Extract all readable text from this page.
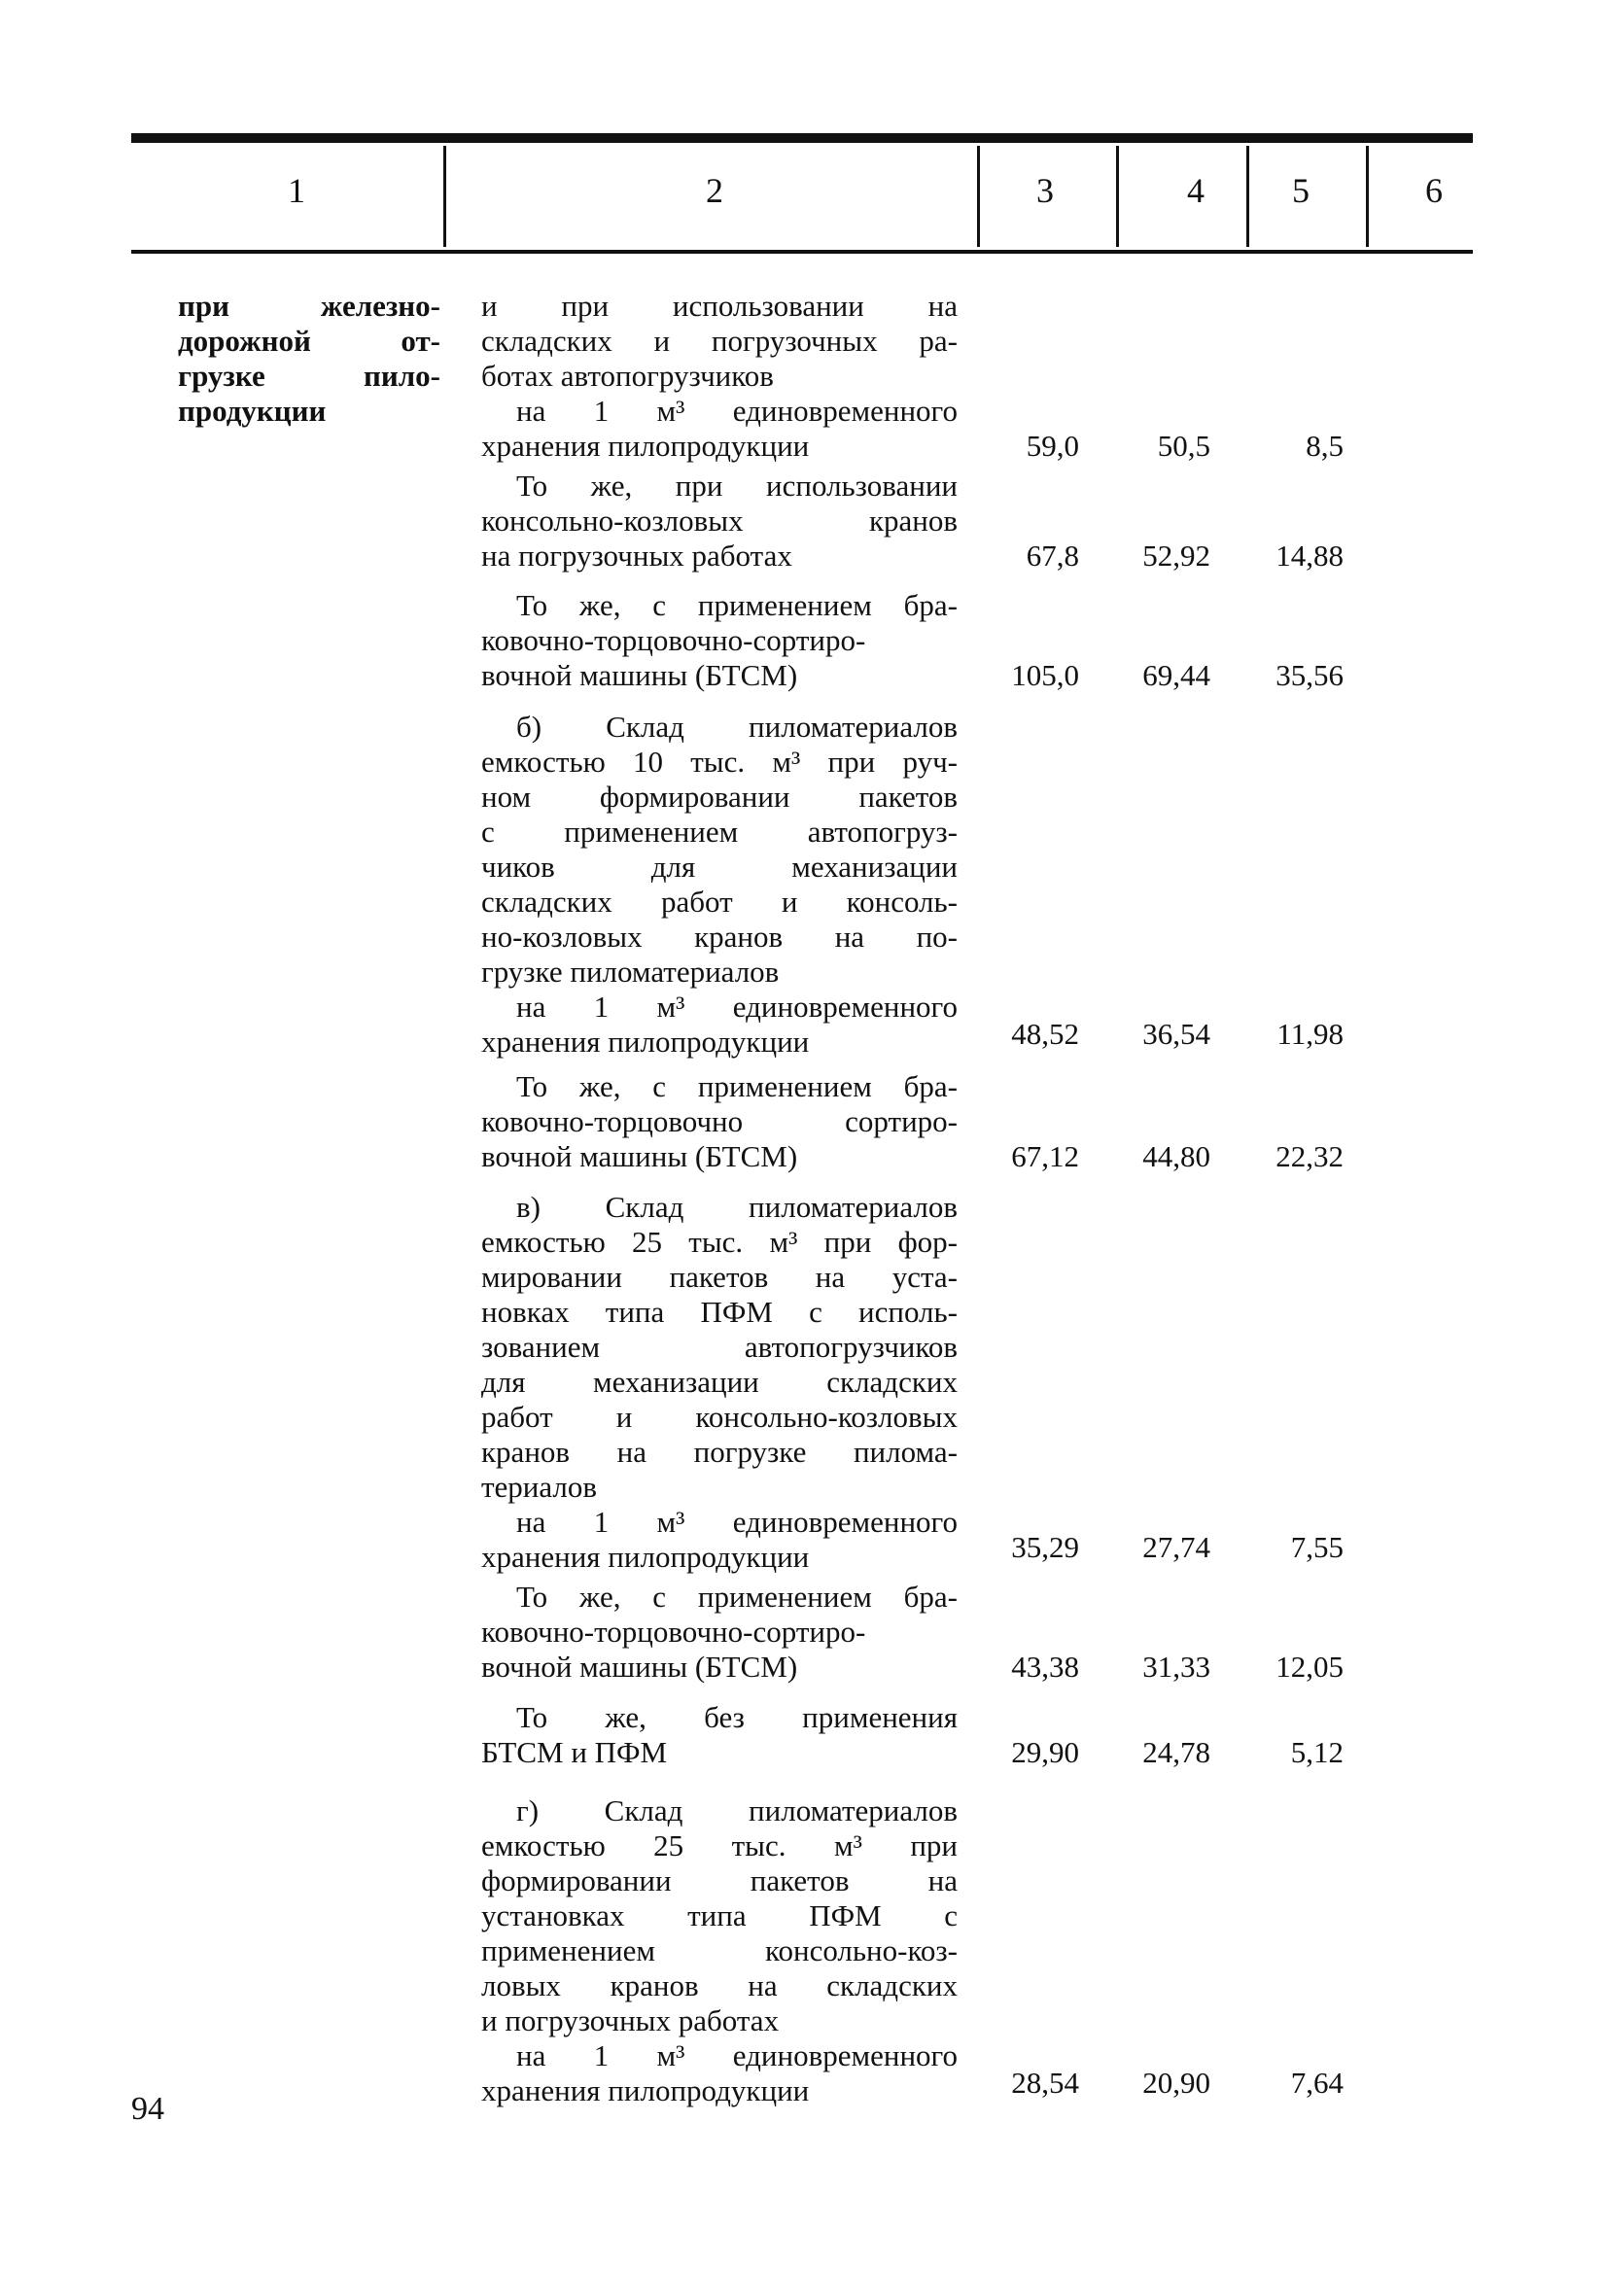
1	2	3	4	5	6
при железно-
дорожной от-
грузке пило-
продукции
и при использовании на
складских и погрузочных ра-
ботах автопогрузчиков
на 1 м³ единовременного
хранения пилопродукции	59,0	50,5	8,5
То же, при использовании
консольно-козловых кранов
на погрузочных работах	67,8	52,92	14,88
То же, с применением бра-
ковочно-торцовочно-сортиро-
вочной машины (БТСМ)	105,0	69,44	35,56
б) Склад пиломатериалов
емкостью 10 тыс. м³ при руч-
ном формировании пакетов
с применением автопогруз-
чиков для механизации
складских работ и консоль-
но-козловых кранов на по-
грузке пиломатериалов
на 1 м³ единовременного
хранения пилопродукции	48,52	36,54	11,98
То же, с применением бра-
ковочно-торцовочно сортиро-
вочной машины (БТСМ)	67,12	44,80	22,32
в) Склад пиломатериалов
емкостью 25 тыс. м³ при фор-
мировании пакетов на уста-
новках типа ПФМ с исполь-
зованием автопогрузчиков
для механизации складских
работ и консольно-козловых
кранов на погрузке пилома-
териалов
на 1 м³ единовременного
хранения пилопродукции	35,29	27,74	7,55
То же, с применением бра-
ковочно-торцовочно-сортиро-
вочной машины (БТСМ)	43,38	31,33	12,05
То же, без применения
БТСМ и ПФМ	29,90	24,78	5,12
г) Склад пиломатериалов
емкостью 25 тыс. м³ при
формировании пакетов на
установках типа ПФМ с
применением консольно-коз-
ловых кранов на складских
и погрузочных работах
на 1 м³ единовременного
хранения пилопродукции	28,54	20,90	7,64
94
